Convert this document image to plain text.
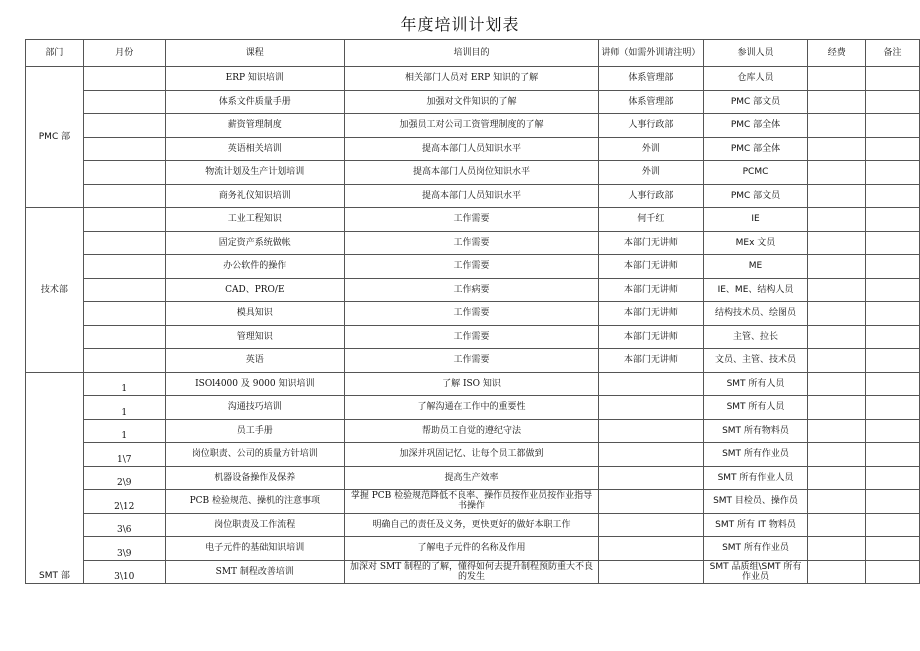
年度培训计划表
部门	月份	课程	培训目的	讲师（如需外训请注明）	参训人员	经费	备注
PMC 部		ERP 知识培训	相关部门人员对 ERP 知识的了解	体系管理部	仓库人员		
		体系文件质量手册	加强对文件知识的了解	体系管理部	PMC 部文员		
		薪资管理制度	加强员工对公司工资管理制度的了解	人事行政部	PMC 部全体		
		英语相关培训	提高本部门人员知识水平	外训	PMC 部全体		
		物流计划及生产计划培训	提高本部门人员岗位知识水平	外训	PCMC		
		商务礼仪知识培训	提高本部门人员知识水平	人事行政部	PMC 部文员		
技术部		工业工程知识	工作需要	何千红	IE		
		固定资产系统做帐	工作需要	本部门无讲师	MEx 文员		
		办公软件的操作	工作需要	本部门无讲师	ME		
		CAD、PRO/E	工作病要	本部门无讲师	IE、ME、结构人员		
		模具知识	工作需要	本部门无讲师	结构技术员、绘图员		
		管理知识	工作需要	本部门无讲师	主管、拉长		
		英语	工作需要	本部门无讲师	文员、主管、技术员		
SMT 部	1	ISOl4000 及 9000 知识培训	了解 ISO 知识		SMT 所有人员		
	1	沟通技巧培训	了解沟通在工作中的重要性		SMT 所有人员		
	1	员工手册	帮助员工自觉的遵纪守法		SMT 所有物料员		
	1\7	岗位职责、公司的质量方针培训	加深并巩固记忆、让每个员工都做到		SMT 所有作业员		
	2\9	机器设备操作及保养	提高生产效率		SMT 所有作业人员		
	2\12	PCB 检验规范、操机的注意事项	掌握 PCB 检验规范降低不良率、操作员按作业员按作业指导书操作		SMT 目检员、操作员		
	3\6	岗位职责及工作流程	明确自己的责任及义务，更快更好的做好本职工作		SMT 所有 IT 物料员		
	3\9	电子元件的基础知识培训	了解电子元件的名称及作用		SMT 所有作业员		
	3\10	SMT 制程改善培训	加深对 SMT 制程的了解，懂得如何去提升制程预防重大不良的发生		SMT 品质组\SMT 所有作业员		
